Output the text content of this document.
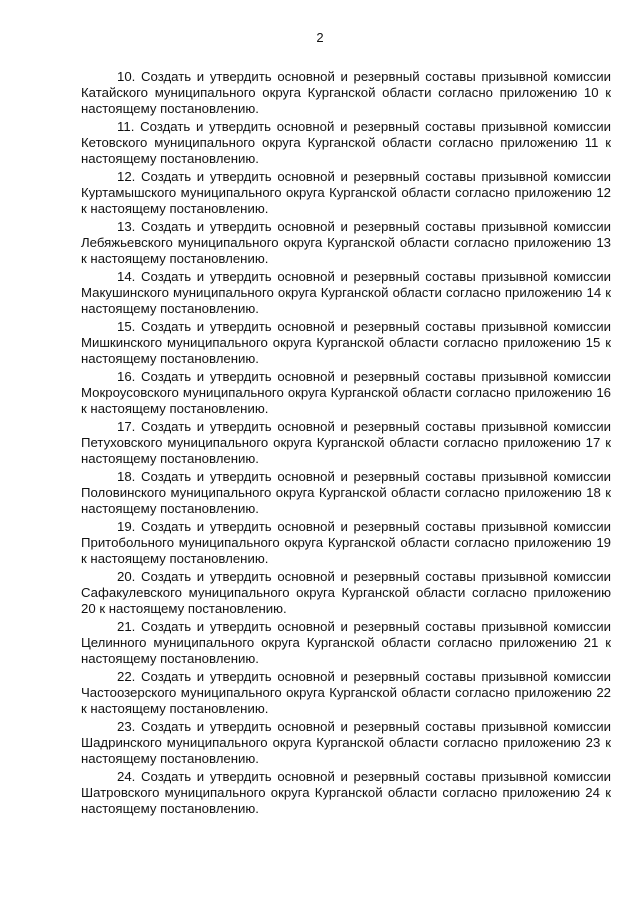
2

10. Создать и утвердить основной и резервный составы призывной комиссии Катайского муниципального округа Курганской области согласно приложению 10 к настоящему постановлению.

11. Создать и утвердить основной и резервный составы призывной комиссии Кетовского муниципального округа Курганской области согласно приложению 11 к настоящему постановлению.

12. Создать и утвердить основной и резервный составы призывной комиссии Куртамышского муниципального округа Курганской области согласно приложению 12 к настоящему постановлению.

13. Создать и утвердить основной и резервный составы призывной комиссии Лебяжьевского муниципального округа Курганской области согласно приложению 13 к настоящему постановлению.

14. Создать и утвердить основной и резервный составы призывной комиссии Макушинского муниципального округа Курганской области согласно приложению 14 к настоящему постановлению.

15. Создать и утвердить основной и резервный составы призывной комиссии Мишкинского муниципального округа Курганской области согласно приложению 15 к настоящему постановлению.

16. Создать и утвердить основной и резервный составы призывной комиссии Мокроусовского муниципального округа Курганской области согласно приложению 16 к настоящему постановлению.

17. Создать и утвердить основной и резервный составы призывной комиссии Петуховского муниципального округа Курганской области согласно приложению 17 к настоящему постановлению.

18. Создать и утвердить основной и резервный составы призывной комиссии Половинского муниципального округа Курганской области согласно приложению 18 к настоящему постановлению.

19. Создать и утвердить основной и резервный составы призывной комиссии Притобольного муниципального округа Курганской области согласно приложению 19 к настоящему постановлению.

20. Создать и утвердить основной и резервный составы призывной комиссии Сафакулевского муниципального округа Курганской области согласно приложению 20 к настоящему постановлению.

21. Создать и утвердить основной и резервный составы призывной комиссии Целинного муниципального округа Курганской области согласно приложению 21 к настоящему постановлению.

22. Создать и утвердить основной и резервный составы призывной комиссии Частоозерского муниципального округа Курганской области согласно приложению 22 к настоящему постановлению.

23. Создать и утвердить основной и резервный составы призывной комиссии Шадринского муниципального округа Курганской области согласно приложению 23 к настоящему постановлению.

24. Создать и утвердить основной и резервный составы призывной комиссии Шатровского муниципального округа Курганской области согласно приложению 24 к настоящему постановлению.
